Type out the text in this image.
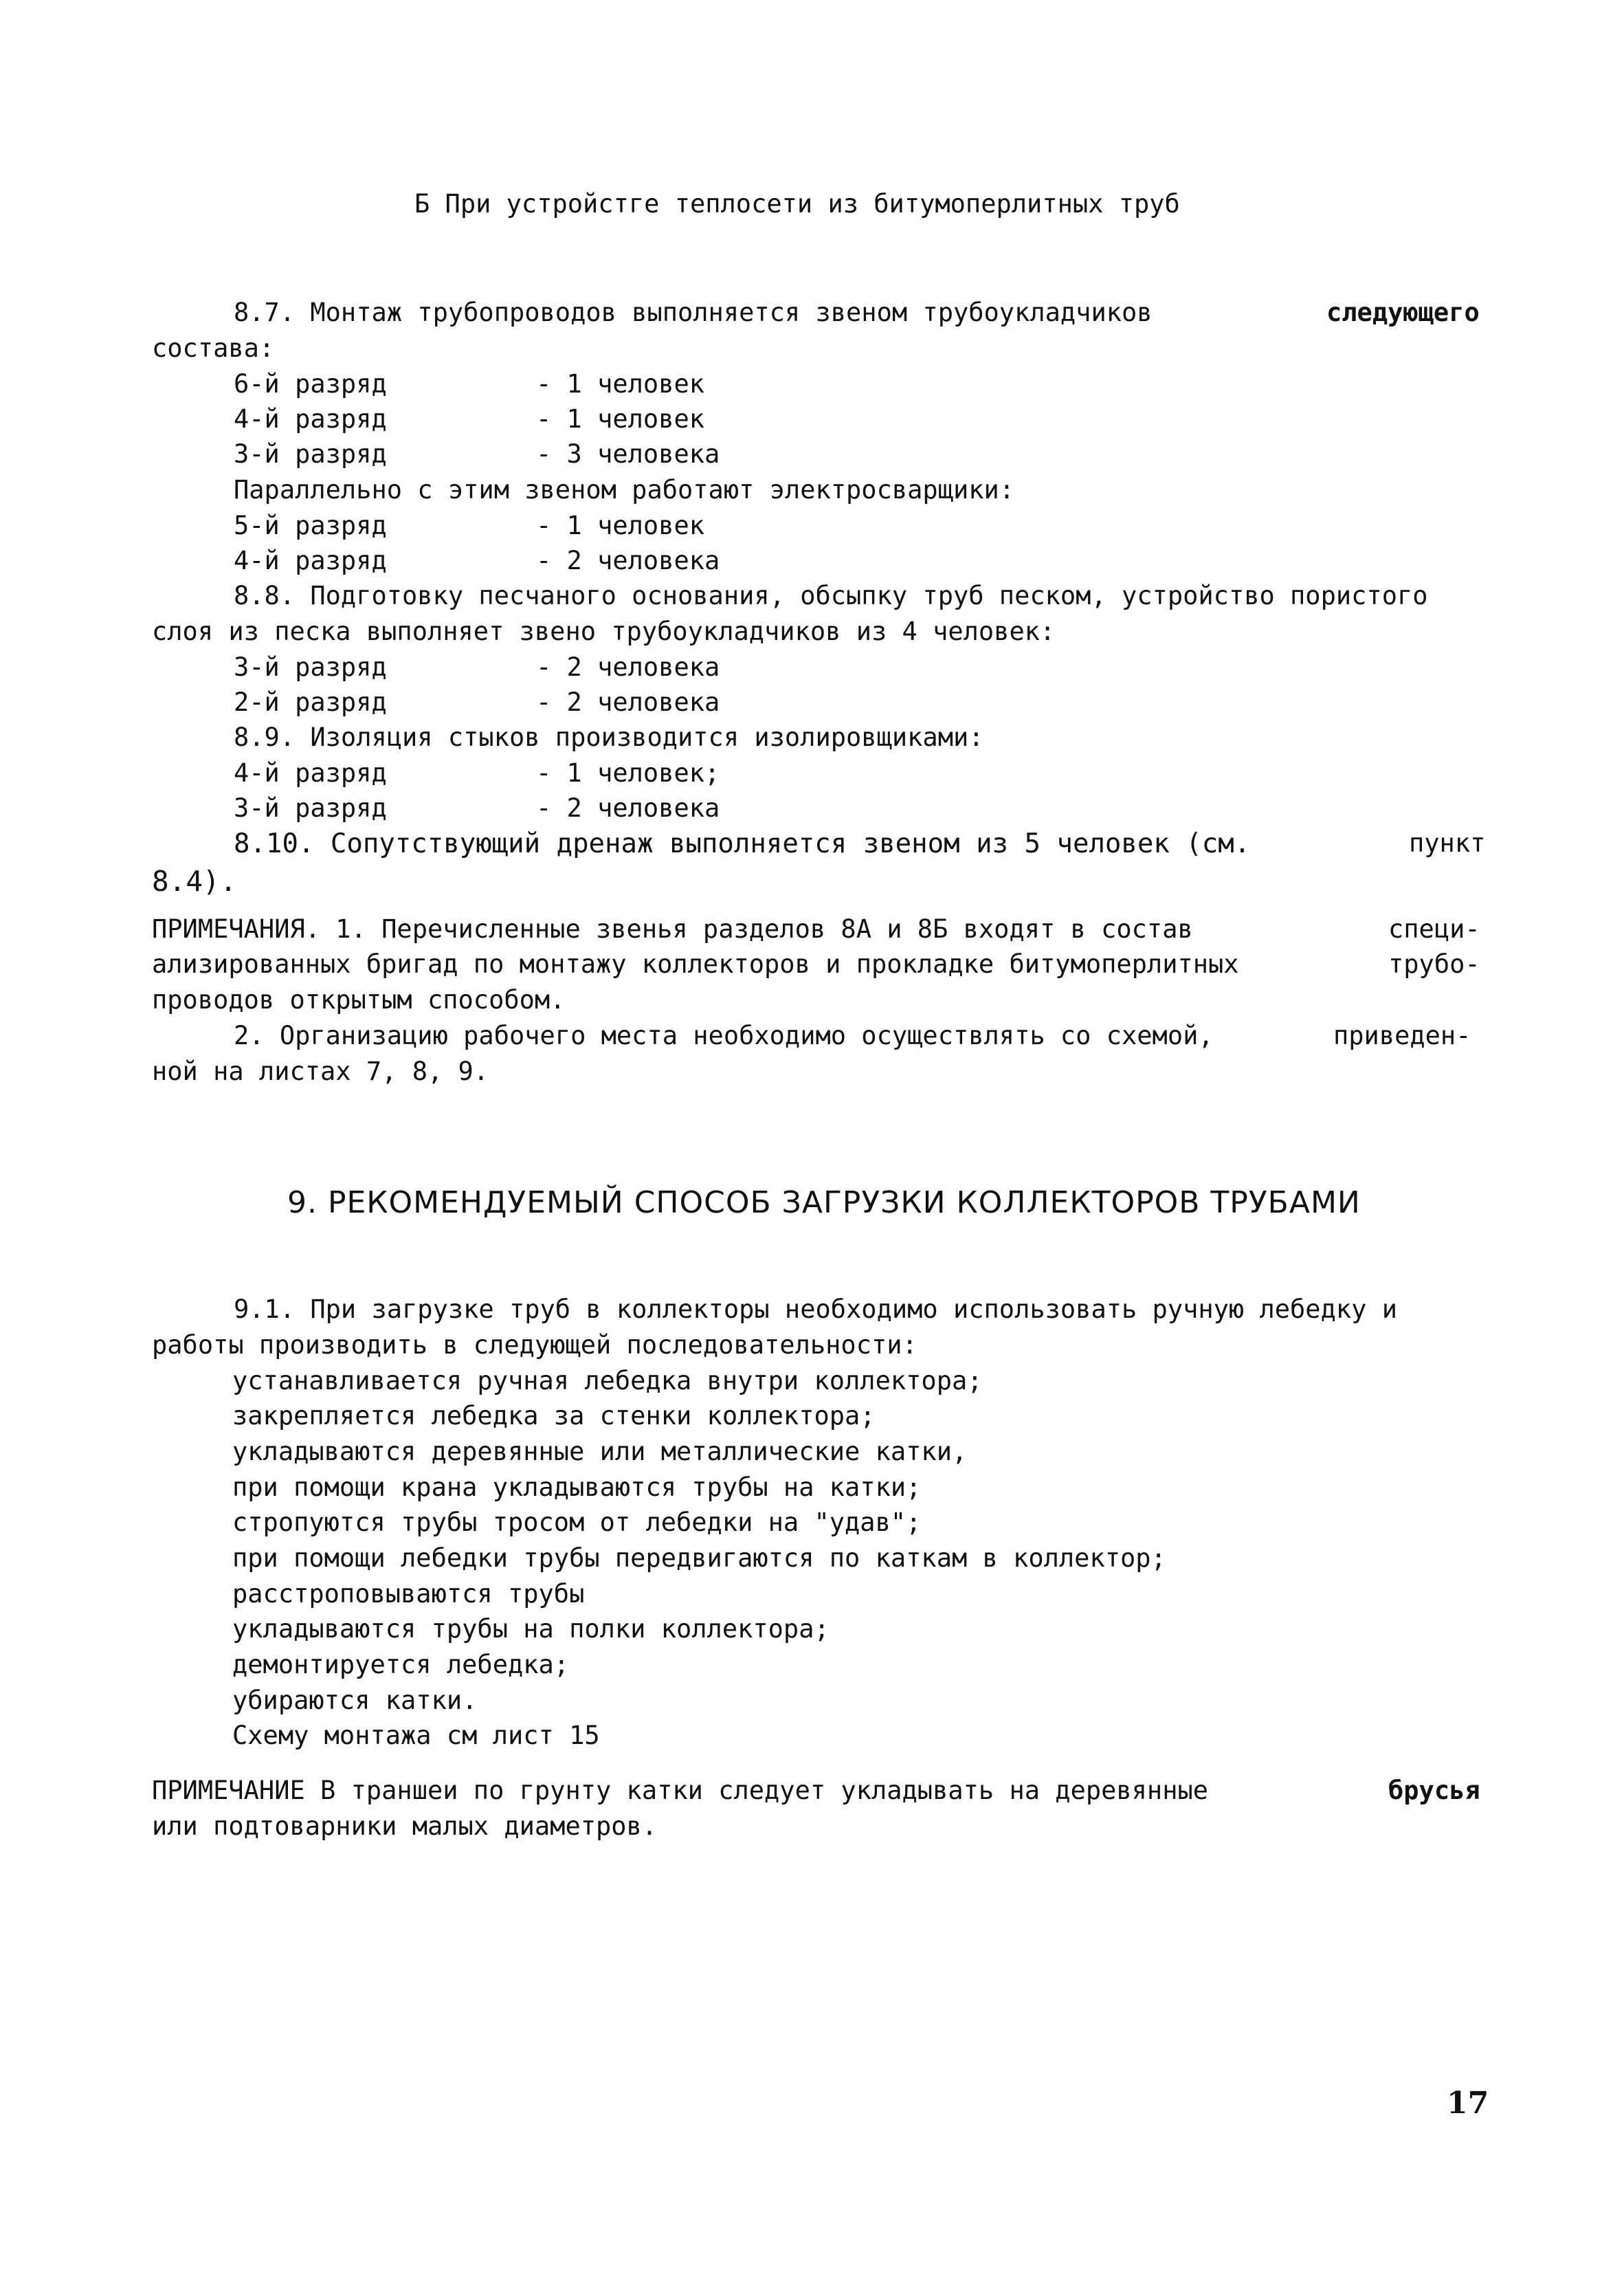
Б При устройстге теплосети из битумоперлитных труб
8.7. Монтаж трубопроводов выполняется звеном трубоукладчиков	следующего
состава:
6-й разряд	- 1 человек
4-й разряд	- 1 человек
3-й разряд	- 3 человека
Параллельно с этим звеном работают электросварщики:
5-й разряд	- 1 человек
4-й разряд	- 2 человека
8.8. Подготовку песчаного основания, обсыпку труб песком, устройство пористого
слоя из песка выполняет звено трубоукладчиков из 4 человек:
3-й разряд	- 2 человека
2-й разряд	- 2 человека
8.9. Изоляция стыков производится изолировщиками:
4-й разряд	- 1 человек;
3-й разряд	- 2 человека
8.10. Сопутствующий дренаж выполняется звеном из 5 человек (см.	пункт
8.4).
ПРИМЕЧАНИЯ. 1. Перечисленные звенья разделов 8А и 8Б входят в состав	специ-
ализированных бригад по монтажу коллекторов и прокладке битумоперлитных	трубо-
проводов открытым способом.
2. Организацию рабочего места необходимо осуществлять со схемой,	приведен-
ной на листах 7, 8, 9.
9. РЕКОМЕНДУЕМЫЙ СПОСОБ ЗАГРУЗКИ КОЛЛЕКТОРОВ ТРУБАМИ
9.1. При загрузке труб в коллекторы необходимо использовать ручную лебедку и
работы производить в следующей последовательности:
устанавливается ручная лебедка внутри коллектора;
закрепляется лебедка за стенки коллектора;
укладываются деревянные или металлические катки,
при помощи крана укладываются трубы на катки;
стропуются трубы тросом от лебедки на "удав";
при помощи лебедки трубы передвигаются по каткам в коллектор;
расстроповываются трубы
укладываются трубы на полки коллектора;
демонтируется лебедка;
убираются катки.
Схему монтажа см лист 15
ПРИМЕЧАНИЕ В траншеи по грунту катки следует укладывать на деревянные	брусья
или подтоварники малых диаметров.
17
